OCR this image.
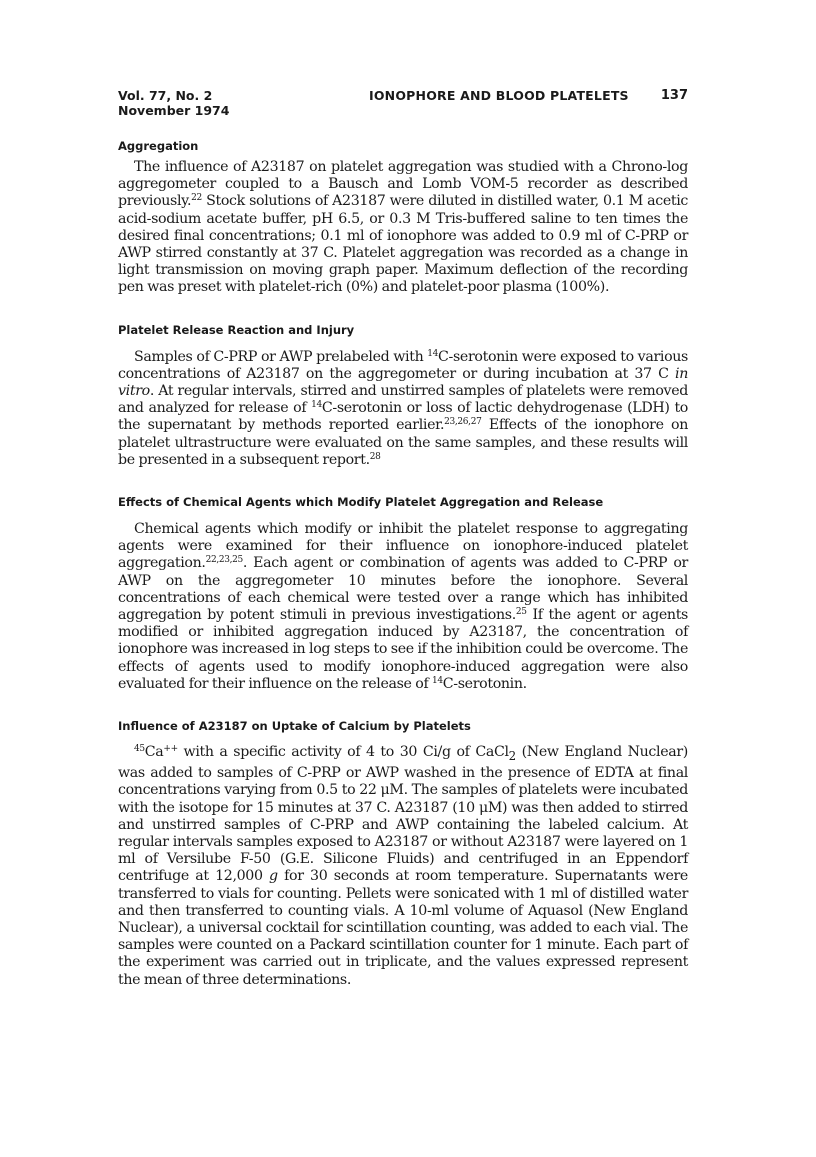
Vol. 77, No. 2
November 1974
IONOPHORE AND BLOOD PLATELETS 137
Aggregation

The influence of A23187 on platelet aggregation was studied with a Chrono-log aggregometer coupled to a Bausch and Lomb VOM-5 recorder as described previously.$^{22}$ Stock solutions of A23187 were diluted in distilled water, 0.1 M acetic acid-sodium acetate buffer, pH 6.5, or 0.3 M Tris-buffered saline to ten times the desired final concentrations; 0.1 ml of ionophore was added to 0.9 ml of C-PRP or AWP stirred constantly at 37 C. Platelet aggregation was recorded as a change in light transmission on moving graph paper. Maximum deflection of the recording pen was preset with platelet-rich (0%) and platelet-poor plasma (100%).

Platelet Release Reaction and Injury

Samples of C-PRP or AWP prelabeled with $^{14}$C-serotonin were exposed to various concentrations of A23187 on the aggregometer or during incubation at 37 C in vitro. At regular intervals, stirred and unstirred samples of platelets were removed and analyzed for release of $^{14}$C-serotonin or loss of lactic dehydrogenase (LDH) to the supernatant by methods reported earlier.$^{23,26,27}$ Effects of the ionophore on platelet ultrastructure were evaluated on the same samples, and these results will be presented in a subsequent report.$^{28}$

Effects of Chemical Agents which Modify Platelet Aggregation and Release

Chemical agents which modify or inhibit the platelet response to aggregating agents were examined for their influence on ionophore-induced platelet aggregation.$^{22,23,25}$. Each agent or combination of agents was added to C-PRP or AWP on the aggregometer 10 minutes before the ionophore. Several concentrations of each chemical were tested over a range which has inhibited aggregation by potent stimuli in previous investigations.$^{25}$ If the agent or agents modified or inhibited aggregation induced by A23187, the concentration of ionophore was increased in log steps to see if the inhibition could be overcome. The effects of agents used to modify ionophore-induced aggregation were also evaluated for their influence on the release of $^{14}$C-serotonin.

Influence of A23187 on Uptake of Calcium by Platelets

$^{45}$Ca++ with a specific activity of 4 to 30 Ci/g of CaCl$_2$ (New England Nuclear) was added to samples of C-PRP or AWP washed in the presence of EDTA at final concentrations varying from 0.5 to 22 μM. The samples of platelets were incubated with the isotope for 15 minutes at 37 C. A23187 (10 μM) was then added to stirred and unstirred samples of C-PRP and AWP containing the labeled calcium. At regular intervals samples exposed to A23187 or without A23187 were layered on 1 ml of Versilube F-50 (G.E. Silicone Fluids) and centrifuged in an Eppendorf centrifuge at 12,000 g for 30 seconds at room temperature. Supernatants were transferred to vials for counting. Pellets were sonicated with 1 ml of distilled water and then transferred to counting vials. A 10-ml volume of Aquasol (New England Nuclear), a universal cocktail for scintillation counting, was added to each vial. The samples were counted on a Packard scintillation counter for 1 minute. Each part of the experiment was carried out in triplicate, and the values expressed represent the mean of three determinations.
